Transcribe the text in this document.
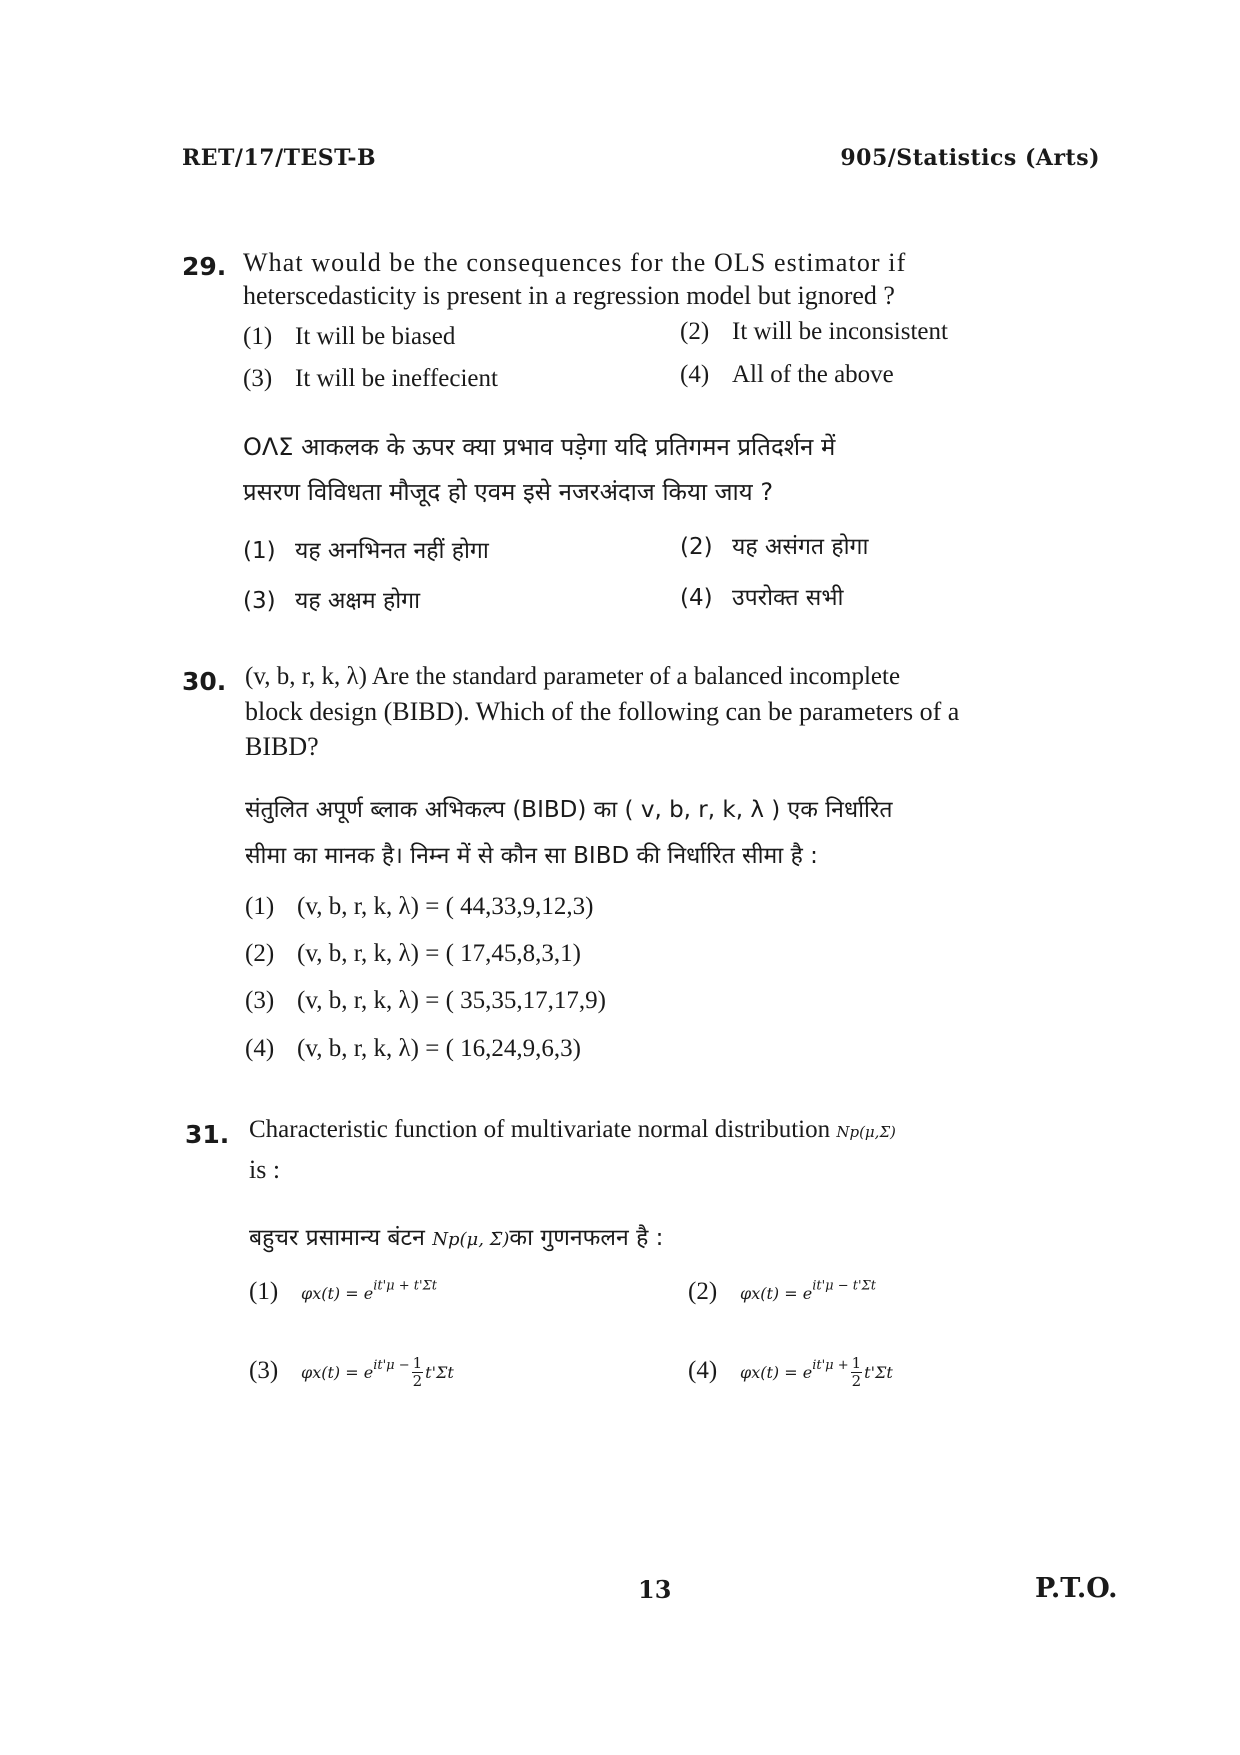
RET/17/TEST-B	905/Statistics (Arts)
29. What would be the consequences for the OLS estimator if
heterscedasticity is present in a regression model but ignored ?
(1) It will be biased	(2) It will be inconsistent
(3) It will be ineffecient	(4) All of the above
OΛΣ आकलक के ऊपर क्या प्रभाव पड़ेगा यदि प्रतिगमन प्रतिदर्शन में
प्रसरण विविधता मौजूद हो एवम इसे नजरअंदाज किया जाय ?
(1) यह अनभिनत नहीं होगा	(2) यह असंगत होगा
(3) यह अक्षम होगा	(4) उपरोक्त सभी
30. (v, b, r, k, λ) Are the standard parameter of a balanced incomplete
block design (BIBD). Which of the following can be parameters of a
BIBD?
संतुलित अपूर्ण ब्लाक अभिकल्प (BIBD) का ( v, b, r, k, λ ) एक निर्धारित
सीमा का मानक है। निम्न में से कौन सा BIBD की निर्धारित सीमा है :
(1) (v, b, r, k, λ) = ( 44,33,9,12,3)
(2) (v, b, r, k, λ) = ( 17,45,8,3,1)
(3) (v, b, r, k, λ) = ( 35,35,17,17,9)
(4) (v, b, r, k, λ) = ( 16,24,9,6,3)
31. Characteristic function of multivariate normal distribution Np(μ,Σ)
is :
बहुचर प्रसामान्य बंटन Np(μ, Σ̄)का गुणनफलन है :
(1) $\varphi x(t) = e^{it'\mu + t'\Sigma t}$	(2) $\varphi x(t) = e^{it'\mu - t'\Sigma t}$
(3) $\varphi x(t) = e^{it'\mu -} \frac{1}{2} t'\Sigma t$	(4) $\varphi x(t) = e^{it'\mu +} \frac{1}{2} t'\Sigma t$
13	P.T.O.
